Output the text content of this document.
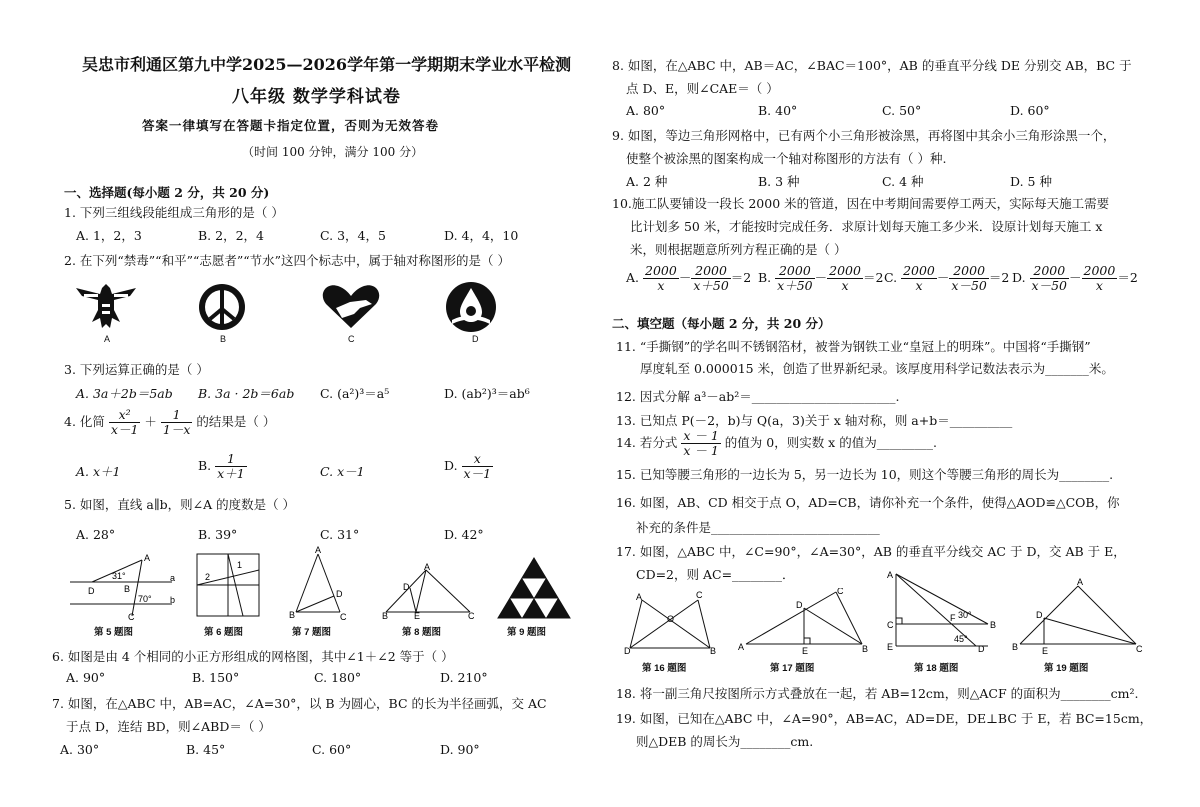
吴忠市利通区第九中学2025—2026学年第一学期期末学业水平检测
八年级 数学学科试卷
答案一律填写在答题卡指定位置，否则为无效答卷
（时间 100 分钟，满分 100 分）
一、选择题(每小题 2 分，共 20 分)
1. 下列三组线段能组成三角形的是（ ）
A. 1，2，3	B. 2，2，4	C. 3，4，5	D. 4，4，10
2. 在下列“禁毒”“和平”“志愿者”“节水”这四个标志中，属于轴对称图形的是（ ）
A	B	C	D
3. 下列运算正确的是（ ）
A. 3a＋2b＝5ab B. 3a · 2b＝6ab C. (a²)³＝a⁵	D. (ab²)³＝ab⁶
4. 化简 $\frac{\text{x²}}{x-1} + \frac{1}{1-x}$ 的结果是（ ）
A. x＋1	B. $\frac{1}{x+1}$	C. x－1	D. $\frac{x}{x-1}$
5. 如图，直线 a∥b，则∠A 的度数是（ ）
A. 28°	B. 39°	C. 31°	D. 42°
A
a
b
D
C
B
31°
70°
第 5 题图
2
1
第 6 题图
A
B	C
D
第 7 题图
A
B	C
D
E
第 8 题图	第 9 题图
6. 如图是由 4 个相同的小正方形组成的网格图，其中∠1＋∠2 等于（ ）
A. 90°	B. 150°	C. 180°	D. 210°
7. 如图，在△ABC 中，AB=AC，∠A=30°，以 B 为圆心，BC 的长为半径画弧，交 AC
于点 D，连结 BD，则∠ABD＝（ ）
A. 30°	B. 45°	C. 60°	D. 90°
8. 如图，在△ABC 中，AB＝AC，∠BAC＝100°，AB 的垂直平分线 DE 分别交 AB，BC 于
点 D、E，则∠CAE＝（ ）
A. 80°	B. 40°	C. 50°	D. 60°
9. 如图，等边三角形网格中，已有两个小三角形被涂黑，再将图中其余小三角形涂黑一个，
使整个被涂黑的图案构成一个轴对称图形的方法有（ ）种.
A. 2 种	B. 3 种	C. 4 种	D. 5 种
10.施工队要铺设一段长 2000 米的管道，因在中考期间需要停工两天，实际每天施工需要
比计划多 50 米，才能按时完成任务．求原计划每天施工多少米．设原计划每天施工 x
米，则根据题意所列方程正确的是（ ）
A. $\frac{2000}{x} - \frac{2000}{x+50} =2$ B. $\frac{2000}{x+50} - \frac{2000}{x} =2$ C. $\frac{2000}{x} - \frac{2000}{x-50} =2$ D. $\frac{2000}{x-50} - \frac{2000}{x} =2$
二、填空题（每小题 2 分，共 20 分）
11. “手撕钢”的学名叫不锈钢箔材，被誉为钢铁工业“皇冠上的明珠”。中国将“手撕钢”
厚度轧至 0.000015 米，创造了世界新纪录。该厚度用科学记数法表示为_______米。
12. 因式分解 a³－ab²＝_______________________.
13. 已知点 P(－2，b)与 Q(a，3)关于 x 轴对称，则 a+b＝__________
14. 若分式 $\frac{x - 1}{x - 1}$ 的值为 0，则实数 x 的值为_________.
15. 已知等腰三角形的一边长为 5，另一边长为 10，则这个等腰三角形的周长为________.
16. 如图，AB、CD 相交于点 O，AD=CB，请你补充一个条件，使得△AOD≌△COB，你
补充的条件是___________________________
17. 如图，△ABC 中，∠C=90°，∠A=30°，AB 的垂直平分线交 AC 于 D，交 AB 于 E，
CD=2，则 AC=________．
D	B
A	C
O
第 16 题图
A	B
C
D
E
第 17 题图
A
C
E
B
D
F 30°
45°
第 18 题图
B	C
A
D
E
第 19 题图
18. 将一副三角尺按图所示方式叠放在一起，若 AB=12cm，则△ACF 的面积为________cm².
19. 如图，已知在△ABC 中，∠A=90°，AB=AC，AD=DE，DE⊥BC 于 E，若 BC=15cm，
则△DEB 的周长为________cm.
